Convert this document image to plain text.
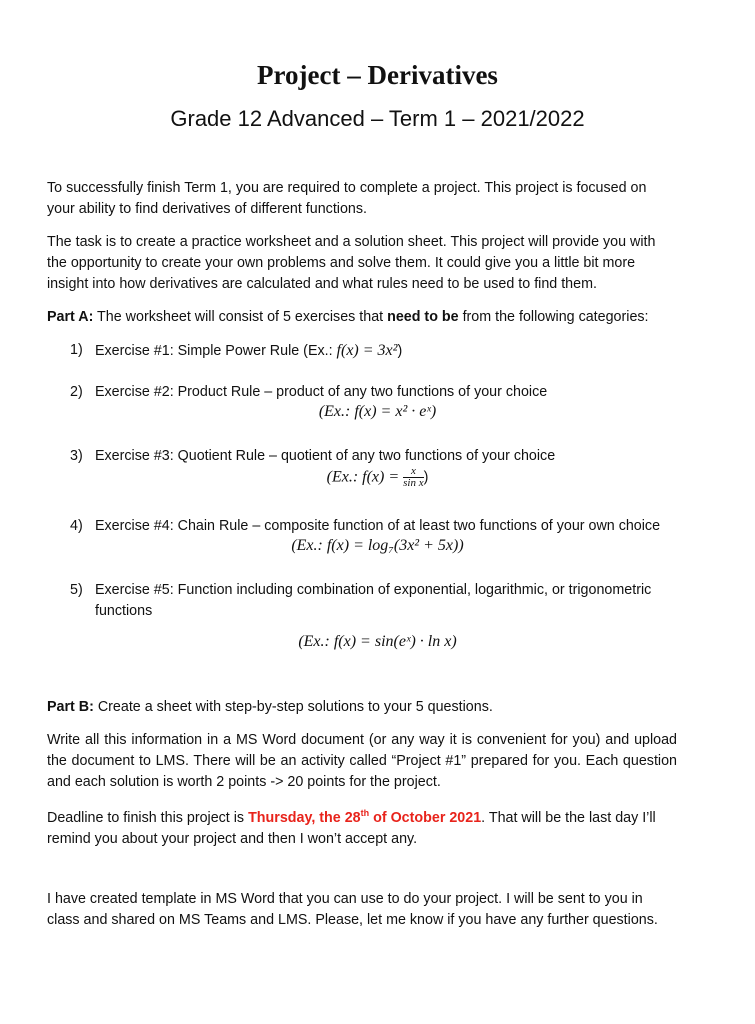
Project – Derivatives
Grade 12 Advanced – Term 1 – 2021/2022
To successfully finish Term 1, you are required to complete a project. This project is focused on your ability to find derivatives of different functions.
The task is to create a practice worksheet and a solution sheet. This project will provide you with the opportunity to create your own problems and solve them. It could give you a little bit more insight into how derivatives are calculated and what rules need to be used to find them.
Part A: The worksheet will consist of 5 exercises that need to be from the following categories:
1) Exercise #1: Simple Power Rule (Ex.: f(x) = 3x²)
2) Exercise #2: Product Rule – product of any two functions of your choice
(Ex.: f(x) = x² · eˣ)
3) Exercise #3: Quotient Rule – quotient of any two functions of your choice
(Ex.: $f(x) = \frac{x}{\text{sin x}}$ )
4) Exercise #4: Chain Rule – composite function of at least two functions of your own choice
(Ex.: f(x) = log₇(3x² + 5x))
5) Exercise #5: Function including combination of exponential, logarithmic, or trigonometric functions
(Ex.: f(x) = sin(eˣ) · ln x)
Part B: Create a sheet with step-by-step solutions to your 5 questions.
Write all this information in a MS Word document (or any way it is convenient for you) and upload the document to LMS. There will be an activity called “Project #1” prepared for you. Each question and each solution is worth 2 points -> 20 points for the project.
Deadline to finish this project is Thursday, the 28th of October 2021. That will be the last day I’ll remind you about your project and then I won’t accept any.
I have created template in MS Word that you can use to do your project. I will be sent to you in class and shared on MS Teams and LMS. Please, let me know if you have any further questions.
